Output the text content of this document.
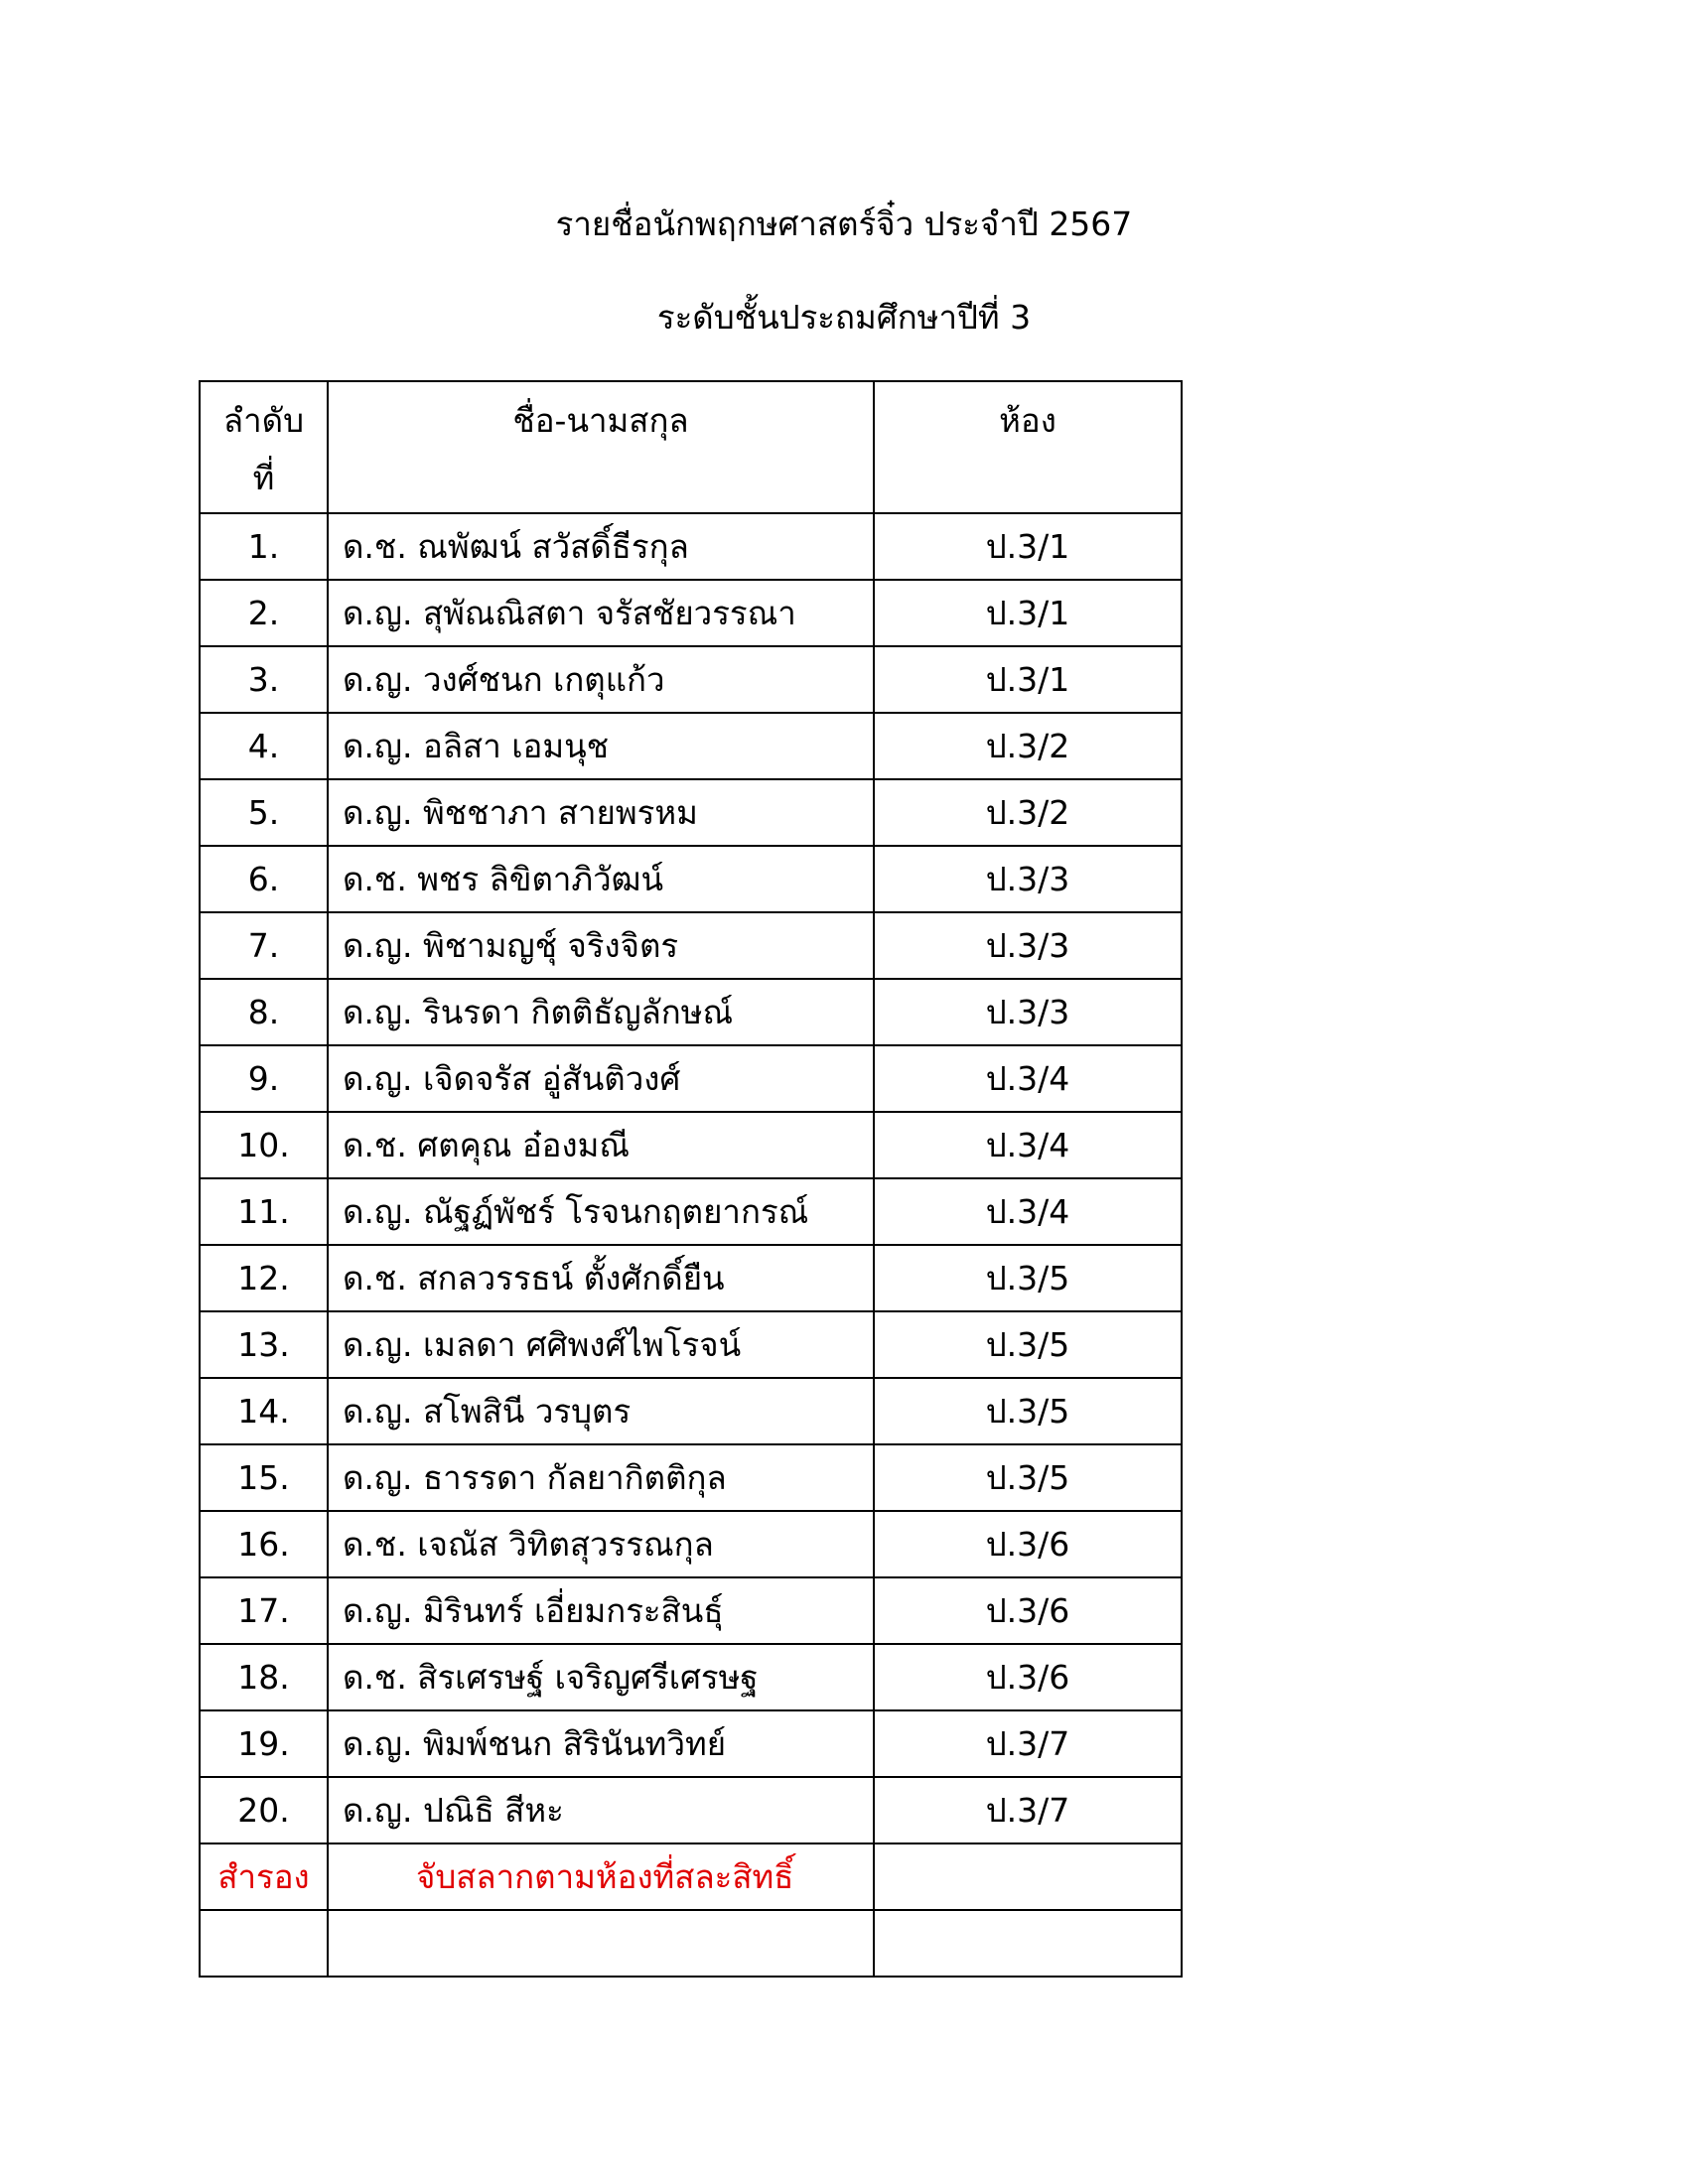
รายชื่อนักพฤกษศาสตร์จิ๋ว ประจำปี 2567
ระดับชั้นประถมศึกษาปีที่ 3
ลำดับ
ที่	ชื่อ-นามสกุล	ห้อง
1.	ด.ช. ณพัฒน์ สวัสดิ์ธีรกุล	ป.3/1
2.	ด.ญ. สุพัณณิสตา จรัสชัยวรรณา	ป.3/1
3.	ด.ญ. วงศ์ชนก เกตุแก้ว	ป.3/1
4.	ด.ญ. อลิสา เอมนุช	ป.3/2
5.	ด.ญ. พิชชาภา สายพรหม	ป.3/2
6.	ด.ช. พชร ลิขิตาภิวัฒน์	ป.3/3
7.	ด.ญ. พิชามญชุ์ จริงจิตร	ป.3/3
8.	ด.ญ. รินรดา กิตติธัญลักษณ์	ป.3/3
9.	ด.ญ. เจิดจรัส อู่สันติวงศ์	ป.3/4
10.	ด.ช. ศตคุณ อ๋องมณี	ป.3/4
11.	ด.ญ. ณัฐฏ์พัชร์ โรจนกฤตยากรณ์	ป.3/4
12.	ด.ช. สกลวรรธน์ ตั้งศักดิ์ยืน	ป.3/5
13.	ด.ญ. เมลดา ศศิพงศ์ไพโรจน์	ป.3/5
14.	ด.ญ. สโพสินี วรบุตร	ป.3/5
15.	ด.ญ. ธารรดา กัลยากิตติกุล	ป.3/5
16.	ด.ช. เจณัส วิทิตสุวรรณกุล	ป.3/6
17.	ด.ญ. มิรินทร์ เอี่ยมกระสินธุ์	ป.3/6
18.	ด.ช. สิรเศรษฐ์ เจริญศรีเศรษฐ	ป.3/6
19.	ด.ญ. พิมพ์ชนก สิรินันทวิทย์	ป.3/7
20.	ด.ญ. ปณิธิ สีหะ	ป.3/7
สำรอง	จับสลากตามห้องที่สละสิทธิ์	
